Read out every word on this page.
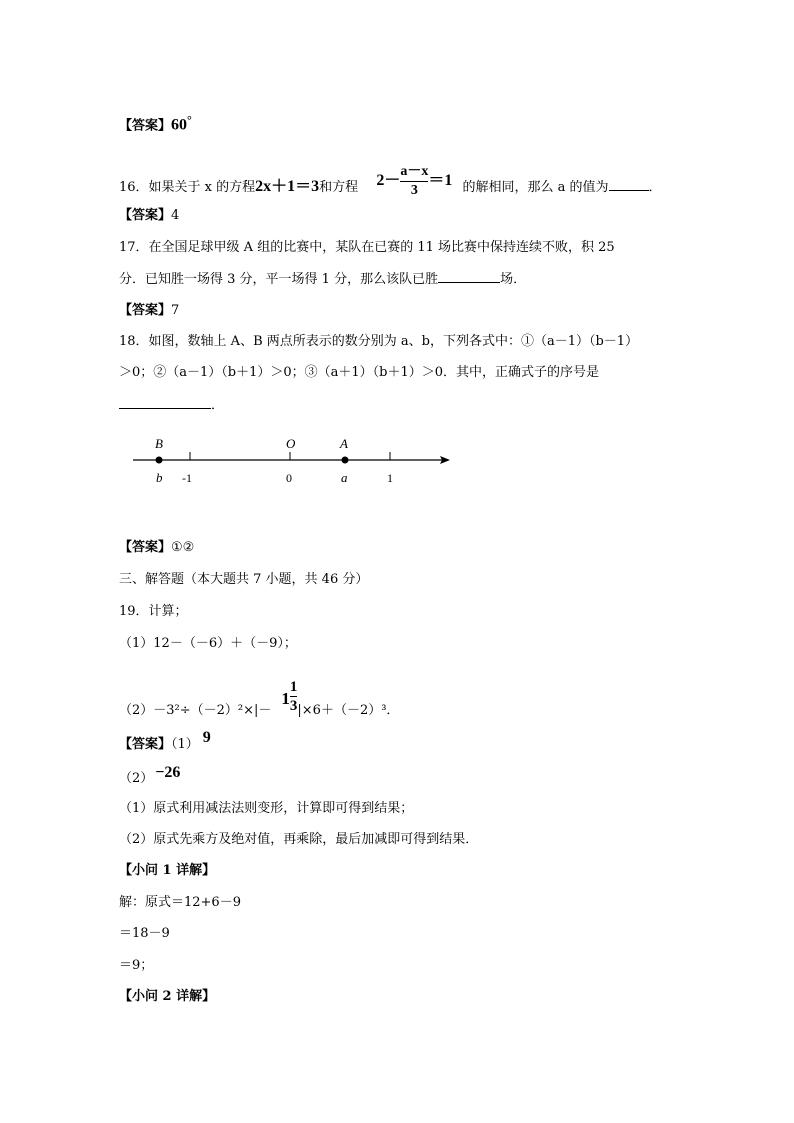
【答案】60°
16．如果关于 x 的方程2x＋1＝3和方程 $2- \frac{a-x}{3} =1$ 的解相同，那么 a 的值为	．
【答案】4
17．在全国足球甲级 A 组的比赛中，某队在已赛的 11 场比赛中保持连续不败，积 25
分．已知胜一场得 3 分，平一场得 1 分，那么该队已胜	场．
【答案】7
18．如图，数轴上 A、B 两点所表示的数分别为 a、b，下列各式中：①（a－1）（b－1）
＞0；②（a－1）（b＋1）＞0；③（a＋1）（b＋1）＞0．其中，正确式子的序号是
．
B	O	A
b -1	0	a	1
【答案】①②
三、解答题（本大题共 7 小题，共 46 分）
19．计算；
（1）12－（－6）＋（－9）；
$(2)-3^2\div(-2)^2\times|-1 \frac{1}{3} |\times 6+(-2)^3$．
【答案】（1） 9
（2） −26
（1）原式利用减法法则变形，计算即可得到结果；
（2）原式先乘方及绝对值，再乘除，最后加减即可得到结果．
【小问 1 详解】
解：原式＝12+6－9
＝18－9
＝9；
【小问 2 详解】
